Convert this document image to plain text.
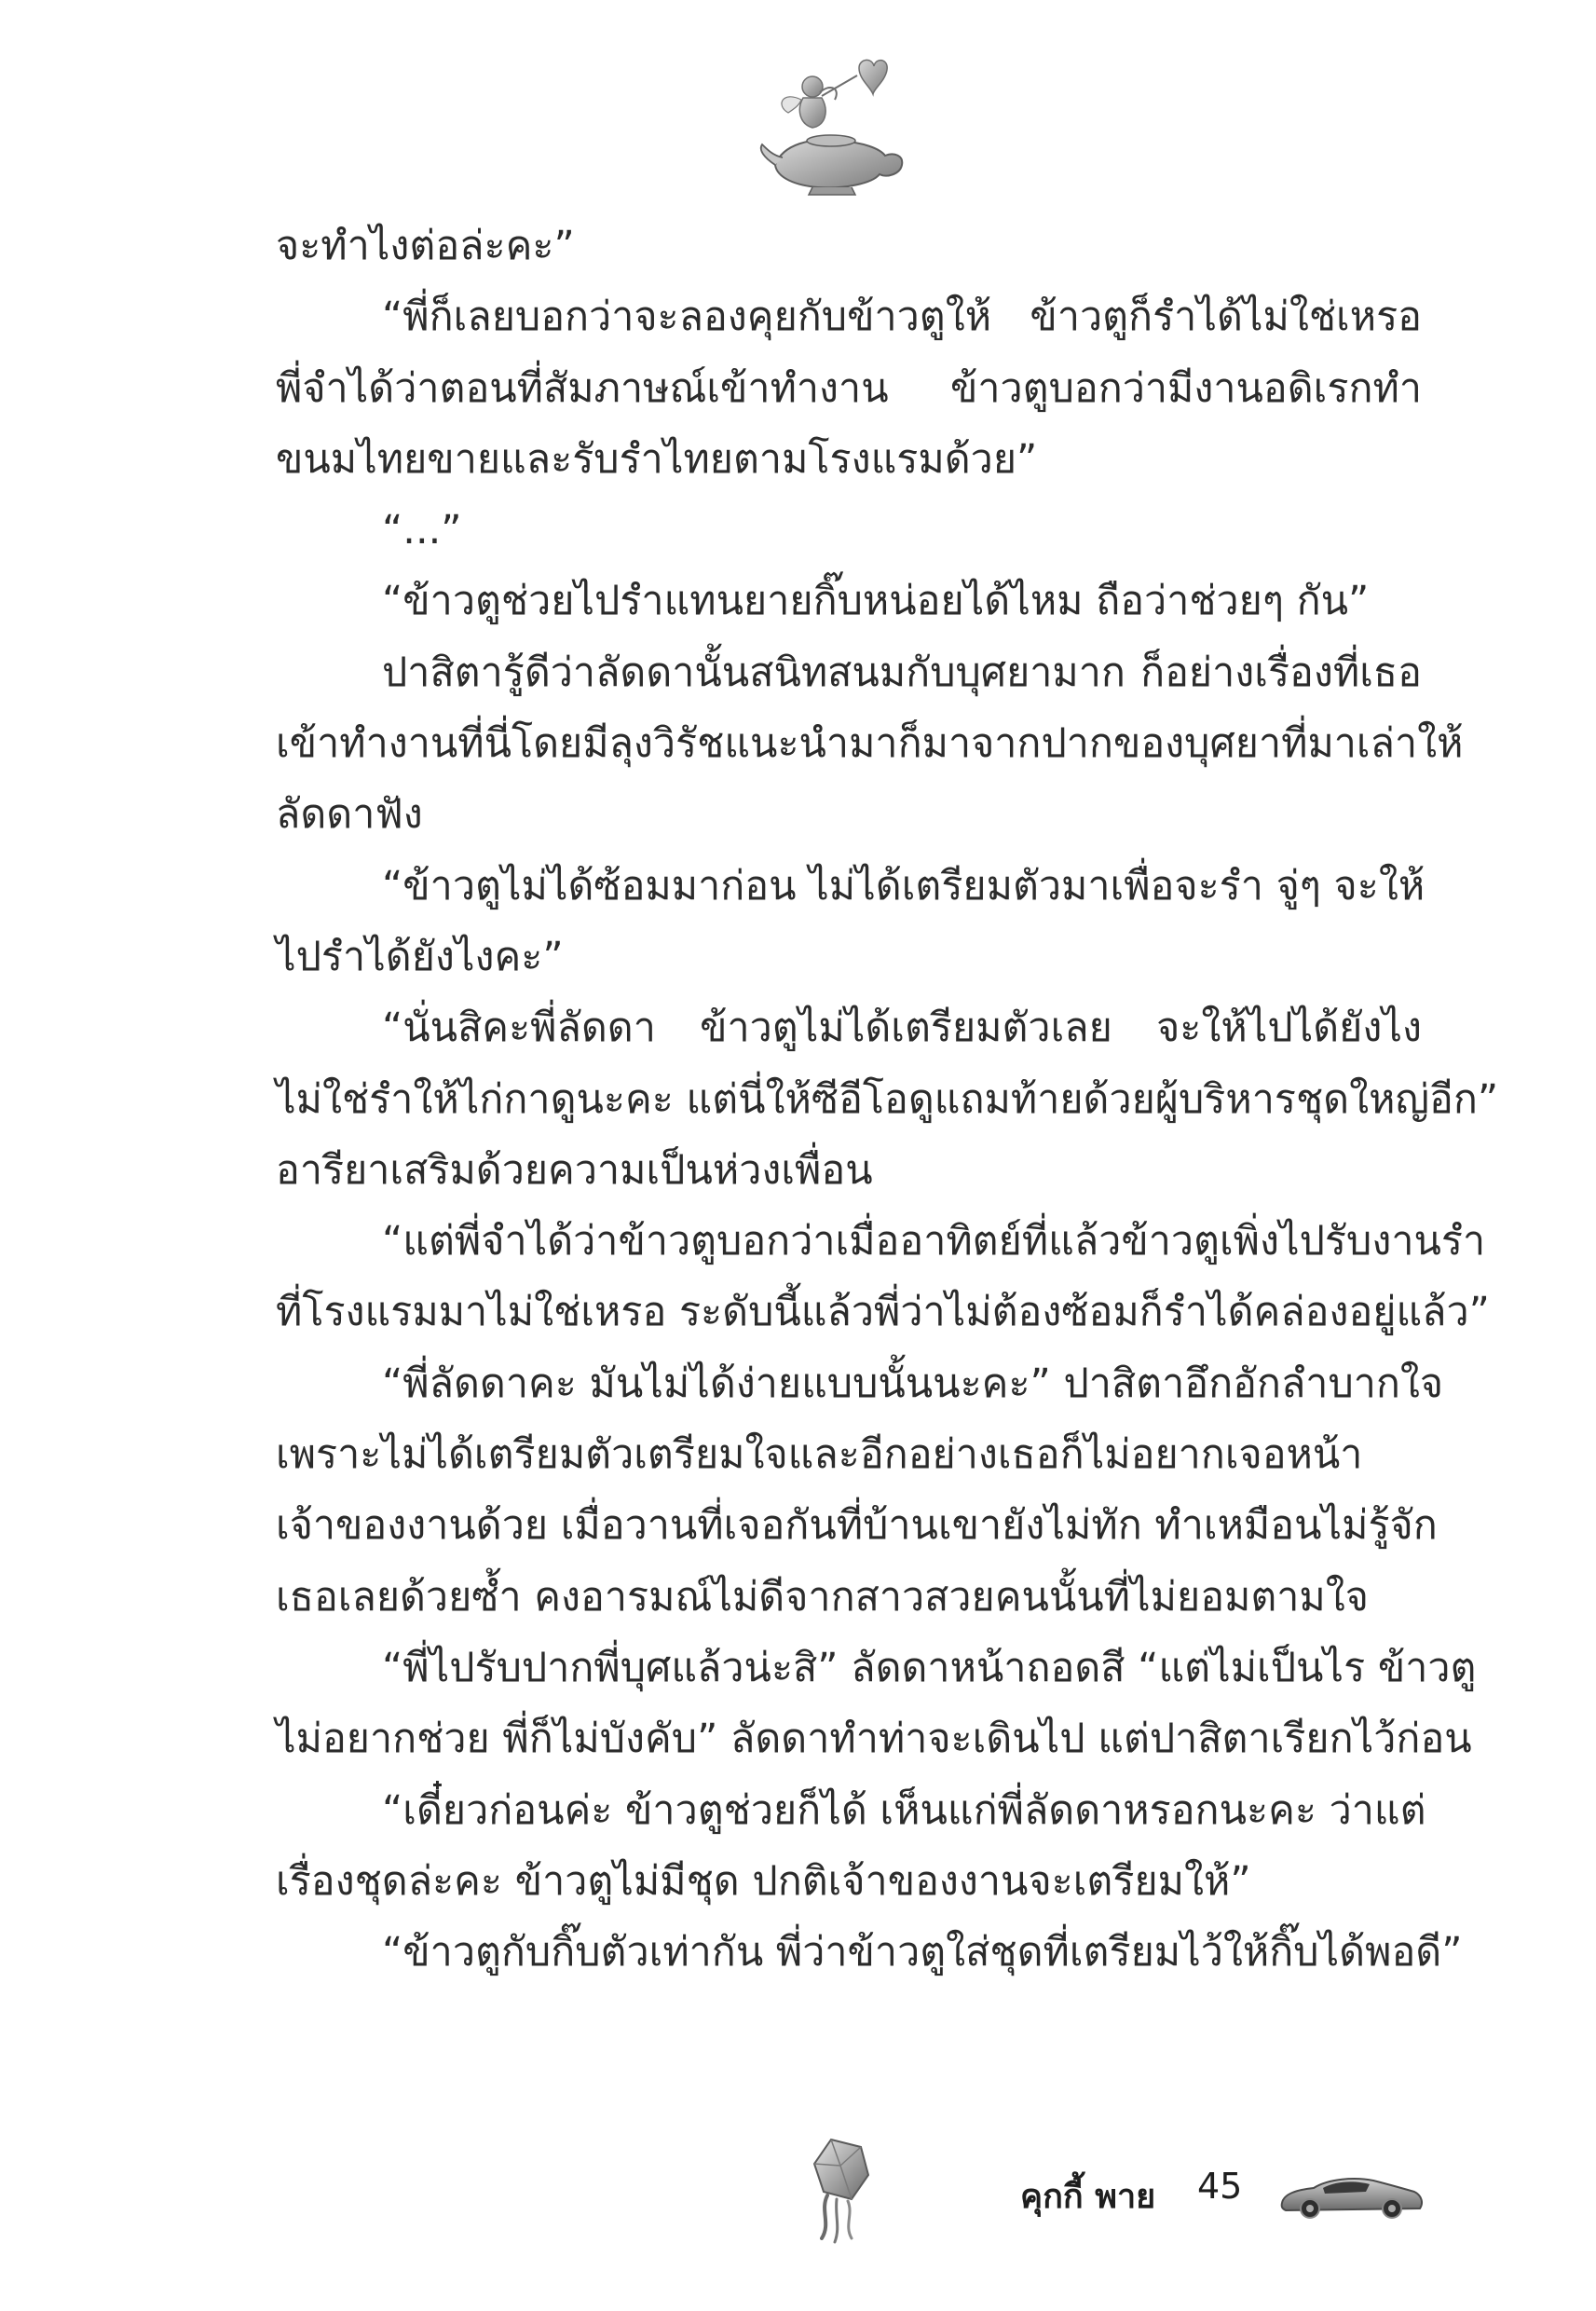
จะทำไงต่อล่ะคะ”
“พี่ก็เลยบอกว่าจะลองคุยกับข้าวตูให้ ข้าวตูก็รำได้ไม่ใช่เหรอ
พี่จำได้ว่าตอนที่สัมภาษณ์เข้าทำงาน ข้าวตูบอกว่ามีงานอดิเรกทำ
ขนมไทยขายและรับรำไทยตามโรงแรมด้วย”
“...”
“ข้าวตูช่วยไปรำแทนยายกิ๊บหน่อยได้ไหม ถือว่าช่วยๆ กัน”
ปาสิตารู้ดีว่าลัดดานั้นสนิทสนมกับบุศยามาก ก็อย่างเรื่องที่เธอ
เข้าทำงานที่นี่โดยมีลุงวิรัชแนะนำมาก็มาจากปากของบุศยาที่มาเล่าให้
ลัดดาฟัง
“ข้าวตูไม่ได้ซ้อมมาก่อน ไม่ได้เตรียมตัวมาเพื่อจะรำ จู่ๆ จะให้
ไปรำได้ยังไงคะ”
“นั่นสิคะพี่ลัดดา ข้าวตูไม่ได้เตรียมตัวเลย จะให้ไปได้ยังไง
ไม่ใช่รำให้ไก่กาดูนะคะ แต่นี่ให้ซีอีโอดูแถมท้ายด้วยผู้บริหารชุดใหญ่อีก”
อารียาเสริมด้วยความเป็นห่วงเพื่อน
“แต่พี่จำได้ว่าข้าวตูบอกว่าเมื่ออาทิตย์ที่แล้วข้าวตูเพิ่งไปรับงานรำ
ที่โรงแรมมาไม่ใช่เหรอ ระดับนี้แล้วพี่ว่าไม่ต้องซ้อมก็รำได้คล่องอยู่แล้ว”
“พี่ลัดดาคะ มันไม่ได้ง่ายแบบนั้นนะคะ” ปาสิตาอึกอักลำบากใจ
เพราะไม่ได้เตรียมตัวเตรียมใจและอีกอย่างเธอก็ไม่อยากเจอหน้า
เจ้าของงานด้วย เมื่อวานที่เจอกันที่บ้านเขายังไม่ทัก ทำเหมือนไม่รู้จัก
เธอเลยด้วยซ้ำ คงอารมณ์ไม่ดีจากสาวสวยคนนั้นที่ไม่ยอมตามใจ
“พี่ไปรับปากพี่บุศแล้วน่ะสิ” ลัดดาหน้าถอดสี “แต่ไม่เป็นไร ข้าวตู
ไม่อยากช่วย พี่ก็ไม่บังคับ” ลัดดาทำท่าจะเดินไป แต่ปาสิตาเรียกไว้ก่อน
“เดี๋ยวก่อนค่ะ ข้าวตูช่วยก็ได้ เห็นแก่พี่ลัดดาหรอกนะคะ ว่าแต่
เรื่องชุดล่ะคะ ข้าวตูไม่มีชุด ปกติเจ้าของงานจะเตรียมให้”
“ข้าวตูกับกิ๊บตัวเท่ากัน พี่ว่าข้าวตูใส่ชุดที่เตรียมไว้ให้กิ๊บได้พอดี”
คุกกี้ พาย 45
